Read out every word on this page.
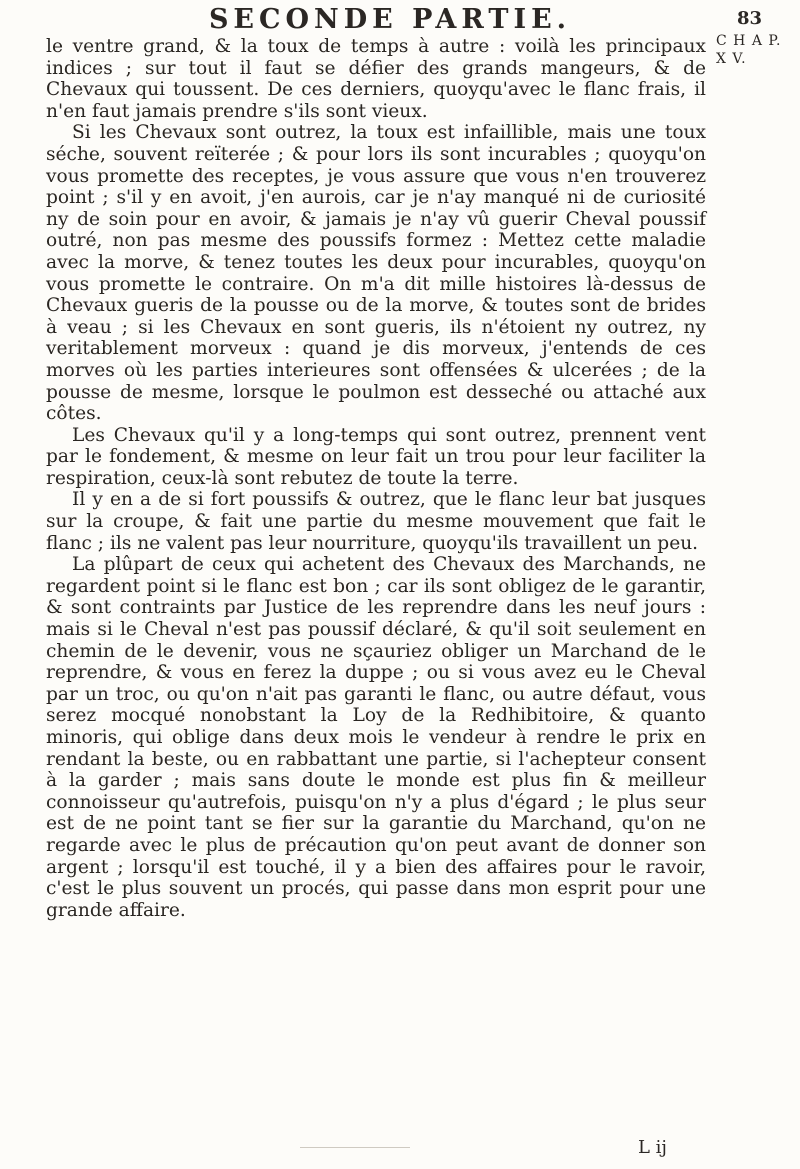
SECONDE PARTIE.	83
C H A P.
X V.

le ventre grand, & la toux de temps à autre : voilà les principaux indices ; sur tout il faut se défier des grands mangeurs, & de Chevaux qui toussent. De ces derniers, quoyqu'avec le flanc frais, il n'en faut jamais prendre s'ils sont vieux.

Si les Chevaux sont outrez, la toux est infaillible, mais une toux séche, souvent reïterée ; & pour lors ils sont incurables ; quoyqu'on vous promette des receptes, je vous assure que vous n'en trouverez point ; s'il y en avoit, j'en aurois, car je n'ay manqué ni de curiosité ny de soin pour en avoir, & jamais je n'ay vû guerir Cheval poussif outré, non pas mesme des poussifs formez : Mettez cette maladie avec la morve, & tenez toutes les deux pour incurables, quoyqu'on vous promette le contraire. On m'a dit mille histoires là-dessus de Chevaux gueris de la pousse ou de la morve, & toutes sont de brides à veau ; si les Chevaux en sont gueris, ils n'étoient ny outrez, ny veritablement morveux : quand je dis morveux, j'entends de ces morves où les parties interieures sont offensées & ulcerées ; de la pousse de mesme, lorsque le poulmon est desseché ou attaché aux côtes.

Les Chevaux qu'il y a long-temps qui sont outrez, prennent vent par le fondement, & mesme on leur fait un trou pour leur faciliter la respiration, ceux-là sont rebutez de toute la terre.

Il y en a de si fort poussifs & outrez, que le flanc leur bat jusques sur la croupe, & fait une partie du mesme mouvement que fait le flanc ; ils ne valent pas leur nourriture, quoyqu'ils travaillent un peu.

La plûpart de ceux qui achetent des Chevaux des Marchands, ne regardent point si le flanc est bon ; car ils sont obligez de le garantir, & sont contraints par Justice de les reprendre dans les neuf jours : mais si le Cheval n'est pas poussif déclaré, & qu'il soit seulement en chemin de le devenir, vous ne sçauriez obliger un Marchand de le reprendre, & vous en ferez la duppe ; ou si vous avez eu le Cheval par un troc, ou qu'on n'ait pas garanti le flanc, ou autre défaut, vous serez mocqué nonobstant la Loy de la Redhibitoire, & quanto minoris, qui oblige dans deux mois le vendeur à rendre le prix en rendant la beste, ou en rabbattant une partie, si l'achepteur consent à la garder ; mais sans doute le monde est plus fin & meilleur connoisseur qu'autrefois, puisqu'on n'y a plus d'égard ; le plus seur est de ne point tant se fier sur la garantie du Marchand, qu'on ne regarde avec le plus de précaution qu'on peut avant de donner son argent ; lorsqu'il est touché, il y a bien des affaires pour le ravoir, c'est le plus souvent un procés, qui passe dans mon esprit pour une grande affaire.

L ij
